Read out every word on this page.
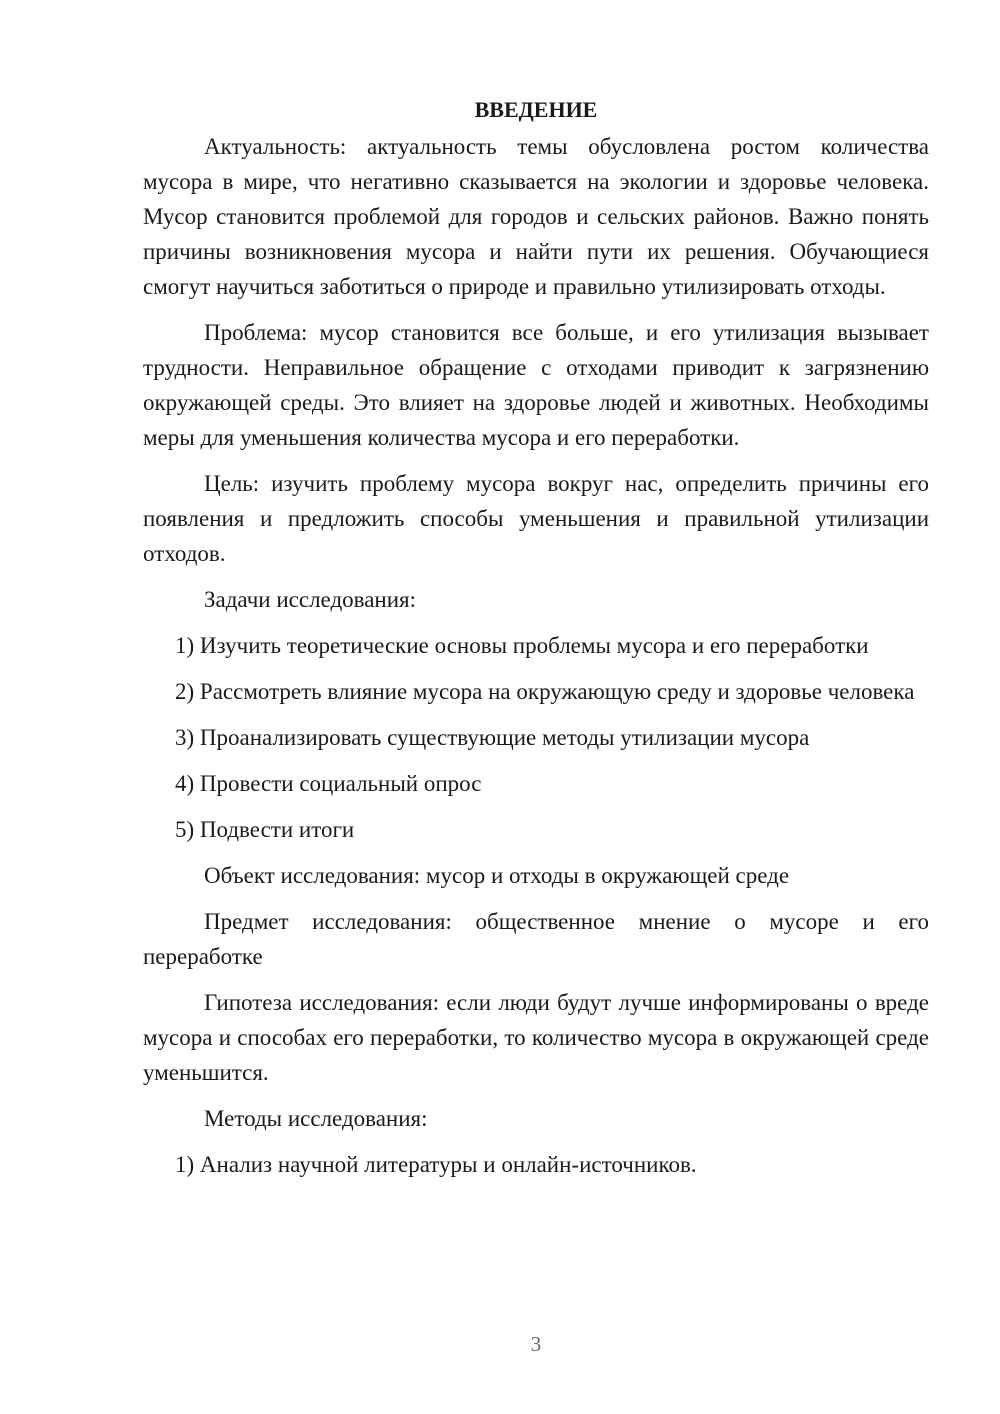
ВВЕДЕНИЕ

Актуальность: актуальность темы обусловлена ростом количества мусора в мире, что негативно сказывается на экологии и здоровье человека. Мусор становится проблемой для городов и сельских районов. Важно понять причины возникновения мусора и найти пути их решения. Обучающиеся смогут научиться заботиться о природе и правильно утилизировать отходы.

Проблема: мусор становится все больше, и его утилизация вызывает трудности. Неправильное обращение с отходами приводит к загрязнению окружающей среды. Это влияет на здоровье людей и животных. Необходимы меры для уменьшения количества мусора и его переработки.

Цель: изучить проблему мусора вокруг нас, определить причины его появления и предложить способы уменьшения и правильной утилизации отходов.

Задачи исследования:

1) Изучить теоретические основы проблемы мусора и его переработки

2) Рассмотреть влияние мусора на окружающую среду и здоровье человека

3) Проанализировать существующие методы утилизации мусора

4) Провести социальный опрос

5) Подвести итоги

Объект исследования: мусор и отходы в окружающей среде

Предмет исследования: общественное мнение о мусоре и его переработке

Гипотеза исследования: если люди будут лучше информированы о вреде мусора и способах его переработки, то количество мусора в окружающей среде уменьшится.

Методы исследования:

1) Анализ научной литературы и онлайн-источников.

3
